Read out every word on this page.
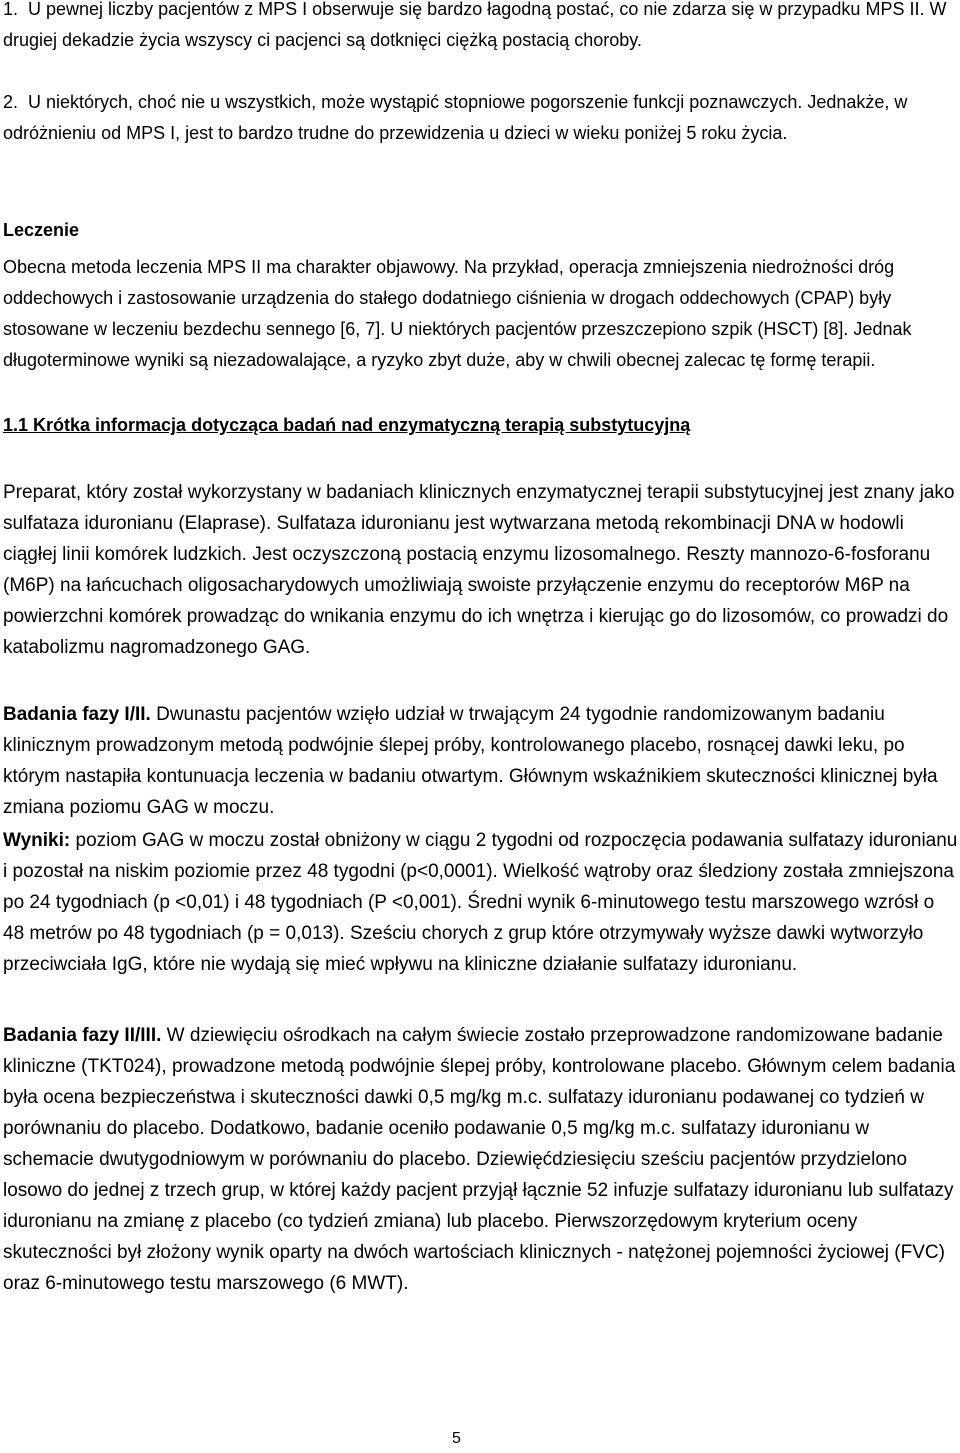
1.  U pewnej liczby pacjentów z MPS I obserwuje się bardzo łagodną postać, co nie zdarza się w przypadku MPS II. W drugiej dekadzie życia wszyscy ci pacjenci są dotknięci ciężką postacią choroby.

2.  U niektórych, choć nie u wszystkich, może wystąpić stopniowe pogorszenie funkcji poznawczych. Jednakże, w odróżnieniu od MPS I, jest to bardzo trudne do przewidzenia u dzieci w wieku poniżej 5 roku życia.

Leczenie

Obecna metoda leczenia MPS II ma charakter objawowy. Na przykład, operacja zmniejszenia niedrożności dróg oddechowych i zastosowanie urządzenia do stałego dodatniego ciśnienia w drogach oddechowych (CPAP) były stosowane w leczeniu bezdechu sennego [6, 7]. U niektórych pacjentów przeszczepiono szpik (HSCT) [8]. Jednak długoterminowe wyniki są niezadowalające, a ryzyko zbyt duże, aby w chwili obecnej zalecac tę formę terapii.

1.1 Krótka informacja dotycząca badań nad enzymatyczną terapią substytucyjną

Preparat, który został wykorzystany w badaniach klinicznych enzymatycznej terapii substytucyjnej jest znany jako sulfataza iduronianu (Elaprase). Sulfataza iduronianu jest wytwarzana metodą rekombinacji DNA w hodowli ciągłej linii komórek ludzkich. Jest oczyszczoną postacią enzymu lizosomalnego. Reszty mannozo-6-fosforanu (M6P) na łańcuchach oligosacharydowych umożliwiają swoiste przyłączenie enzymu do receptorów M6P na powierzchni komórek prowadząc do wnikania enzymu do ich wnętrza i kierując go do lizosomów, co prowadzi do katabolizmu nagromadzonego GAG.

Badania fazy I/II. Dwunastu pacjentów wzięło udział w trwającym 24 tygodnie randomizowanym badaniu klinicznym prowadzonym metodą podwójnie ślepej próby, kontrolowanego placebo, rosnącej dawki leku, po którym nastapiła kontunuacja leczenia w badaniu otwartym. Głównym wskaźnikiem skuteczności klinicznej była zmiana poziomu GAG w moczu.

Wyniki: poziom GAG w moczu został obniżony w ciągu 2 tygodni od rozpoczęcia podawania sulfatazy iduronianu i pozostał na niskim poziomie przez 48 tygodni (p<0,0001). Wielkość wątroby oraz śledziony została zmniejszona po 24 tygodniach (p <0,01) i 48 tygodniach (P <0,001). Średni wynik 6-minutowego testu marszowego wzrósł o 48 metrów po 48 tygodniach (p = 0,013). Sześciu chorych z grup które otrzymywały wyższe dawki wytworzyło przeciwciała IgG, które nie wydają się mieć wpływu na kliniczne działanie sulfatazy iduronianu.

Badania fazy II/III. W dziewięciu ośrodkach na całym świecie zostało przeprowadzone randomizowane badanie kliniczne (TKT024), prowadzone metodą podwójnie ślepej próby, kontrolowane placebo. Głównym celem badania była ocena bezpieczeństwa i skuteczności dawki 0,5 mg/kg m.c. sulfatazy iduronianu podawanej co tydzień w porównaniu do placebo. Dodatkowo, badanie oceniło podawanie 0,5 mg/kg m.c. sulfatazy iduronianu w schemacie dwutygodniowym w porównaniu do placebo. Dziewięćdziesięciu sześciu pacjentów przydzielono losowo do jednej z trzech grup, w której każdy pacjent przyjął łącznie 52 infuzje sulfatazy iduronianu lub sulfatazy iduronianu na zmianę z placebo (co tydzień zmiana) lub placebo. Pierwszorzędowym kryterium oceny skuteczności był złożony wynik oparty na dwóch wartościach klinicznych - natężonej pojemności życiowej (FVC) oraz 6-minutowego testu marszowego (6 MWT).

5
